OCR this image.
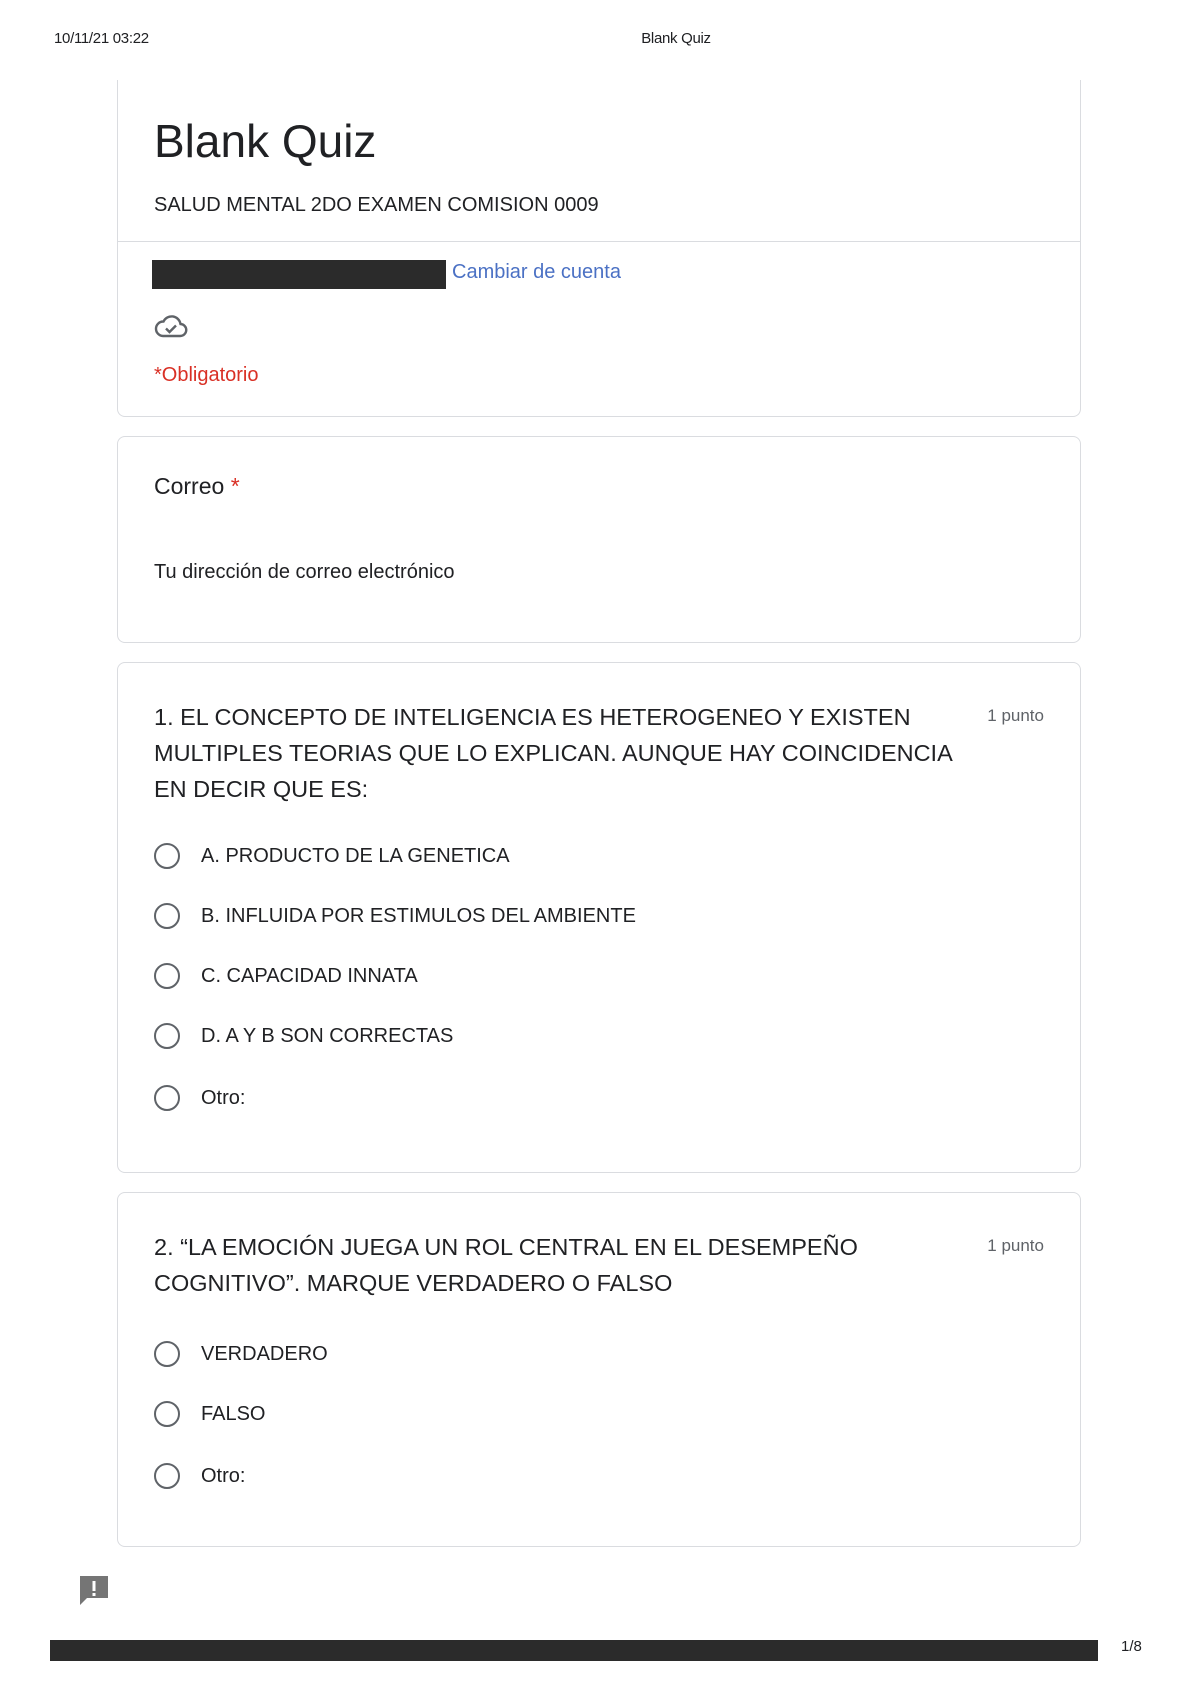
10/11/21 03:22	Blank Quiz
Blank Quiz
SALUD MENTAL 2DO EXAMEN COMISION 0009
Cambiar de cuenta
*Obligatorio
Correo *
Tu dirección de correo electrónico
1. EL CONCEPTO DE INTELIGENCIA ES HETEROGENEO Y EXISTEN MULTIPLES TEORIAS QUE LO EXPLICAN. AUNQUE HAY COINCIDENCIA EN DECIR QUE ES:
1 punto
A. PRODUCTO DE LA GENETICA
B. INFLUIDA POR ESTIMULOS DEL AMBIENTE
C. CAPACIDAD INNATA
D. A Y B SON CORRECTAS
Otro:
2. “LA EMOCIÓN JUEGA UN ROL CENTRAL EN EL DESEMPEÑO COGNITIVO”. MARQUE VERDADERO O FALSO
1 punto
VERDADERO
FALSO
Otro:
1/8
